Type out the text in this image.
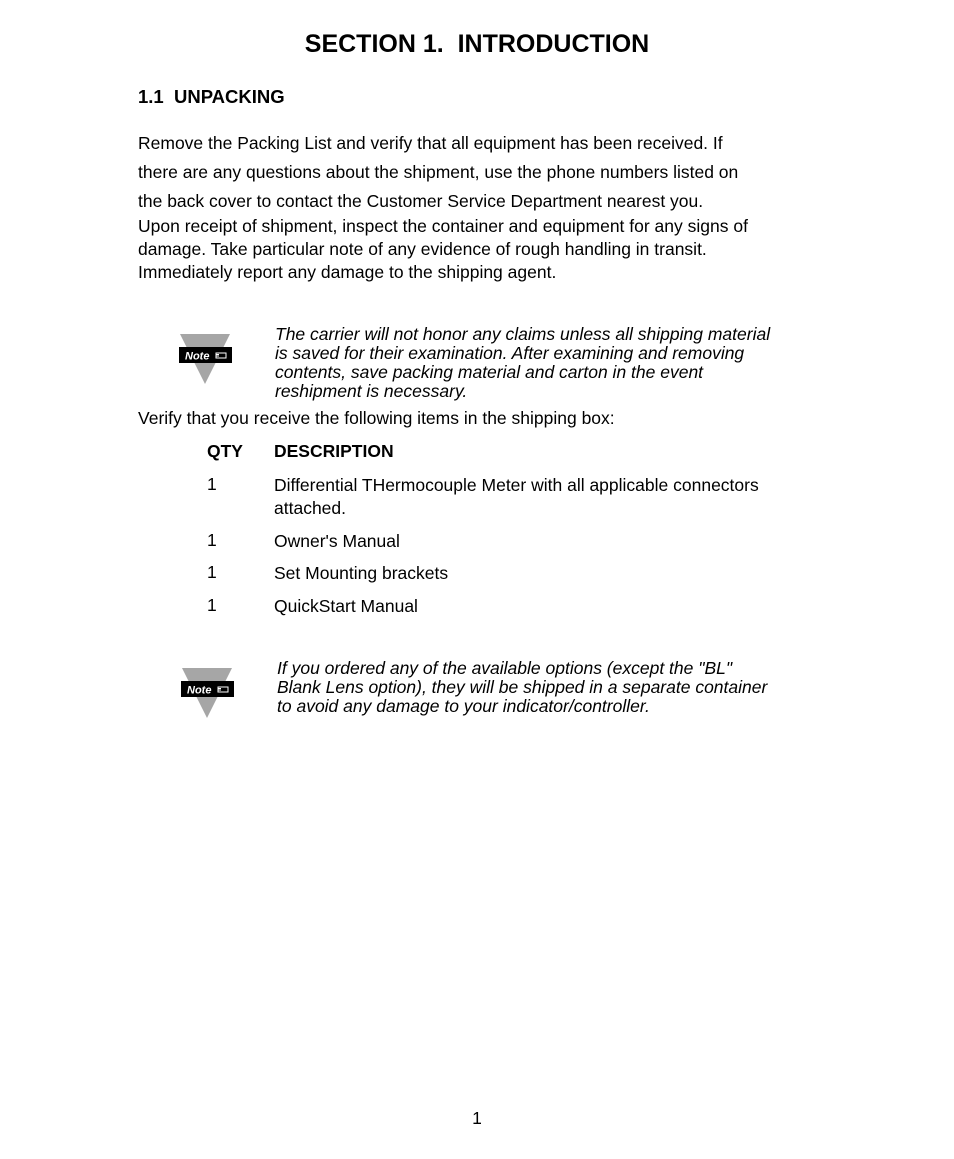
SECTION 1.  INTRODUCTION
1.1  UNPACKING

Remove the Packing List and verify that all equipment has been received. If

there are any questions about the shipment, use the phone numbers listed on

the back cover to contact the Customer Service Department nearest you.

Upon receipt of shipment, inspect the container and equipment for any signs of

damage. Take particular note of any evidence of rough handling in transit.

Immediately report any damage to the shipping agent.

Note
The carrier will not honor any claims unless all shipping material
is saved for their examination. After examining and removing
contents, save packing material and carton in the event
reshipment is necessary.

Verify that you receive the following items in the shipping box:

QTY DESCRIPTION
1	Differential THermocouple Meter with all applicable connectors
attached.
1	Owner's Manual
1	Set Mounting brackets
1	QuickStart Manual
Note
If you ordered any of the available options (except the "BL"
Blank Lens option), they will be shipped in a separate container
to avoid any damage to your indicator/controller.
1
